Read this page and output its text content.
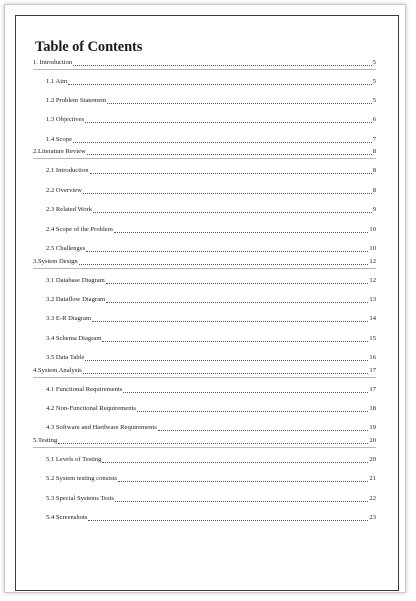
Table of Contents
1. Introduction	5
1.1 Aim	5
1.2 Problem Statement	5
1.3 Objectives	6
1.4 Scope	7
2.Literature Review	8
2.1 Introduction	8
2.2 Overview	8
2.3 Related Work	9
2.4 Scope of the Problem	10
2.5 Challenges	10
3.System Design	12
3.1 Database Diagram	12
3.2 Dataflow Diagram	13
3.3 E-R Diagram	14
3.4 Schema Diagram	15
3.5 Data Table	16
4.System Analysis	17
4.1 Functional Requirements	17
4.2 Non-Functional Requirements	18
4.3 Software and Hardware Requirements	19
5.Testing	20
5.1 Levels of Testing	20
5.2 System testing consists	21
5.3 Special Systems Tests	22
5.4 Screenshots	23
